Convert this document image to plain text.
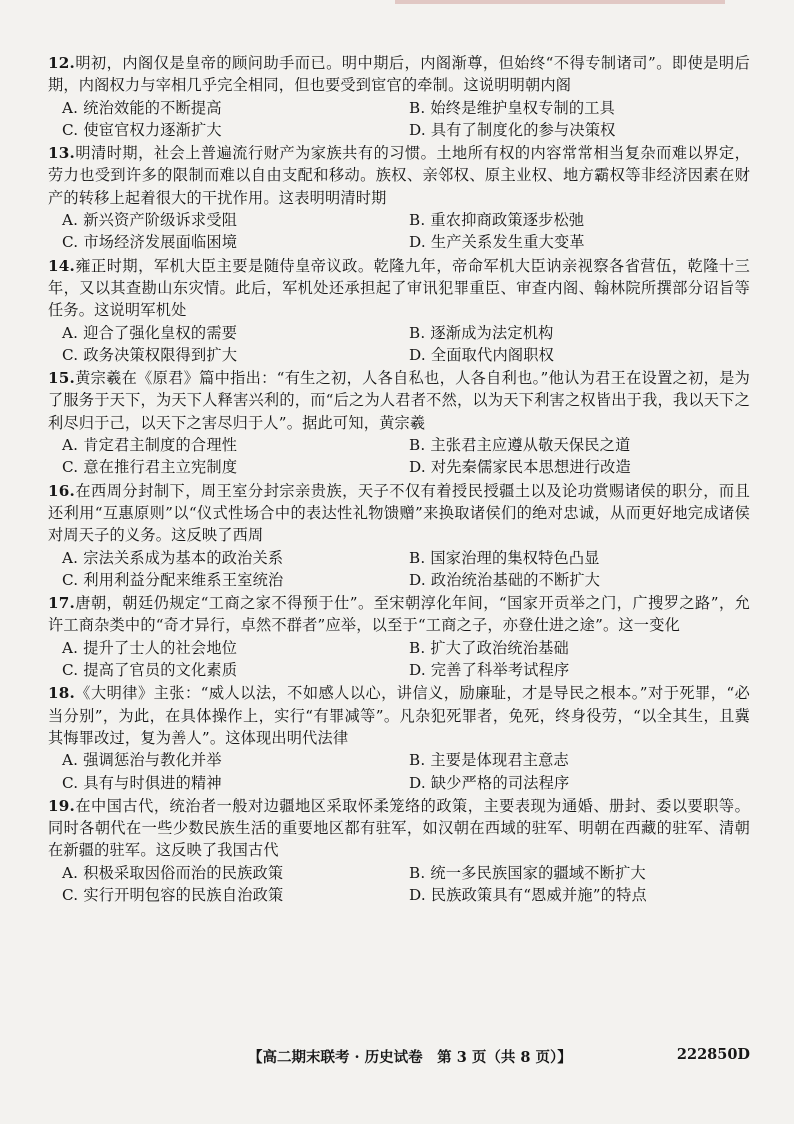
12.明初，内阁仅是皇帝的顾问助手而已。明中期后，内阁渐尊，但始终“不得专制诸司”。即使是明后期，内阁权力与宰相几乎完全相同，但也要受到宦官的牵制。这说明明朝内阁

A. 统治效能的不断提高	B. 始终是维护皇权专制的工具
C. 使宦官权力逐渐扩大	D. 具有了制度化的参与决策权

13.明清时期，社会上普遍流行财产为家族共有的习惯。土地所有权的内容常常相当复杂而难以界定，劳力也受到许多的限制而难以自由支配和移动。族权、亲邻权、原主业权、地方霸权等非经济因素在财产的转移上起着很大的干扰作用。这表明明清时期

A. 新兴资产阶级诉求受阻	B. 重农抑商政策逐步松弛
C. 市场经济发展面临困境	D. 生产关系发生重大变革

14.雍正时期，军机大臣主要是随侍皇帝议政。乾隆九年，帝命军机大臣讷亲视察各省营伍，乾隆十三年，又以其查勘山东灾情。此后，军机处还承担起了审讯犯罪重臣、审查内阁、翰林院所撰部分诏旨等任务。这说明军机处

A. 迎合了强化皇权的需要	B. 逐渐成为法定机构
C. 政务决策权限得到扩大	D. 全面取代内阁职权

15.黄宗羲在《原君》篇中指出：“有生之初，人各自私也，人各自利也。”他认为君王在设置之初，是为了服务于天下，为天下人释害兴利的，而“后之为人君者不然，以为天下利害之权皆出于我，我以天下之利尽归于己，以天下之害尽归于人”。据此可知，黄宗羲

A. 肯定君主制度的合理性	B. 主张君主应遵从敬天保民之道
C. 意在推行君主立宪制度	D. 对先秦儒家民本思想进行改造

16.在西周分封制下，周王室分封宗亲贵族，天子不仅有着授民授疆土以及论功赏赐诸侯的职分，而且还利用“互惠原则”以“仪式性场合中的表达性礼物馈赠”来换取诸侯们的绝对忠诚，从而更好地完成诸侯对周天子的义务。这反映了西周

A. 宗法关系成为基本的政治关系	B. 国家治理的集权特色凸显
C. 利用利益分配来维系王室统治	D. 政治统治基础的不断扩大

17.唐朝，朝廷仍规定“工商之家不得预于仕”。至宋朝淳化年间，“国家开贡举之门，广搜罗之路”，允许工商杂类中的“奇才异行，卓然不群者”应举，以至于“工商之子，亦登仕进之途”。这一变化

A. 提升了士人的社会地位	B. 扩大了政治统治基础
C. 提高了官员的文化素质	D. 完善了科举考试程序

18.《大明律》主张：“威人以法，不如感人以心，讲信义，励廉耻，才是导民之根本。”对于死罪，“必当分别”，为此，在具体操作上，实行“有罪减等”。凡杂犯死罪者，免死，终身役劳，“以全其生，且冀其悔罪改过，复为善人”。这体现出明代法律

A. 强调惩治与教化并举	B. 主要是体现君主意志
C. 具有与时俱进的精神	D. 缺少严格的司法程序

19.在中国古代，统治者一般对边疆地区采取怀柔笼络的政策，主要表现为通婚、册封、委以要职等。同时各朝代在一些少数民族生活的重要地区都有驻军，如汉朝在西域的驻军、明朝在西藏的驻军、清朝在新疆的驻军。这反映了我国古代

A. 积极采取因俗而治的民族政策	B. 统一多民族国家的疆域不断扩大
C. 实行开明包容的民族自治政策	D. 民族政策具有“恩威并施”的特点
【高二期末联考 · 历史试卷　第 3 页（共 8 页）】	222850D
